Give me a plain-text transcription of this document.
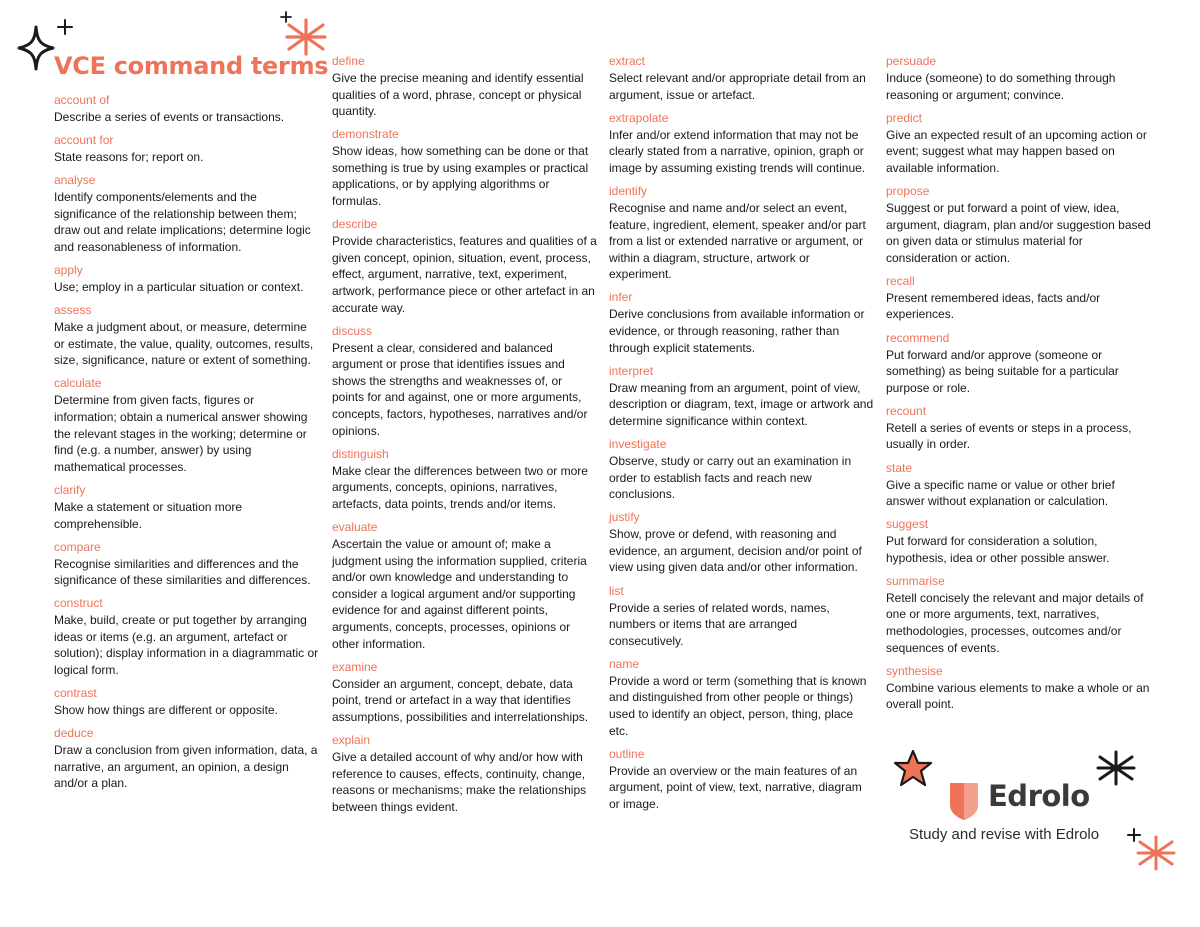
VCE command terms

account of

Describe a series of events or transactions.

account for

State reasons for; report on.

analyse

Identify components/elements and the significance of the relationship between them; draw out and relate implications; determine logic and reasonableness of information.

apply

Use; employ in a particular situation or context.

assess

Make a judgment about, or measure, determine or estimate, the value, quality, outcomes, results, size, significance, nature or extent of something.

calculate

Determine from given facts, figures or information; obtain a numerical answer showing the relevant stages in the working; determine or find (e.g. a number, answer) by using mathematical processes.

clarify

Make a statement or situation more comprehensible.

compare

Recognise similarities and differences and the significance of these similarities and differences.

construct

Make, build, create or put together by arranging ideas or items (e.g. an argument, artefact or solution); display information in a diagrammatic or logical form.

contrast

Show how things are different or opposite.

deduce

Draw a conclusion from given information, data, a narrative, an argument, an opinion, a design and/or a plan.

define

Give the precise meaning and identify essential qualities of a word, phrase, concept or physical quantity.

demonstrate

Show ideas, how something can be done or that something is true by using examples or practical applications, or by applying algorithms or formulas.

describe

Provide characteristics, features and qualities of a given concept, opinion, situation, event, process, effect, argument, narrative, text, experiment, artwork, performance piece or other artefact in an accurate way.

discuss

Present a clear, considered and balanced argument or prose that identifies issues and shows the strengths and weaknesses of, or points for and against, one or more arguments, concepts, factors, hypotheses, narratives and/or opinions.

distinguish

Make clear the differences between two or more arguments, concepts, opinions, narratives, artefacts, data points, trends and/or items.

evaluate

Ascertain the value or amount of; make a judgment using the information supplied, criteria and/or own knowledge and understanding to consider a logical argument and/or supporting evidence for and against different points, arguments, concepts, processes, opinions or other information.

examine

Consider an argument, concept, debate, data point, trend or artefact in a way that identifies assumptions, possibilities and interrelationships.

explain

Give a detailed account of why and/or how with reference to causes, effects, continuity, change, reasons or mechanisms; make the relationships between things evident.

extract

Select relevant and/or appropriate detail from an argument, issue or artefact.

extrapolate

Infer and/or extend information that may not be clearly stated from a narrative, opinion, graph or image by assuming existing trends will continue.

identify

Recognise and name and/or select an event, feature, ingredient, element, speaker and/or part from a list or extended narrative or argument, or within a diagram, structure, artwork or experiment.

infer

Derive conclusions from available information or evidence, or through reasoning, rather than through explicit statements.

interpret

Draw meaning from an argument, point of view, description or diagram, text, image or artwork and determine significance within context.

investigate

Observe, study or carry out an examination in order to establish facts and reach new conclusions.

justify

Show, prove or defend, with reasoning and evidence, an argument, decision and/or point of view using given data and/or other information.

list

Provide a series of related words, names, numbers or items that are arranged consecutively.

name

Provide a word or term (something that is known and distinguished from other people or things) used to identify an object, person, thing, place etc.

outline

Provide an overview or the main features of an argument, point of view, text, narrative, diagram or image.

persuade

Induce (someone) to do something through reasoning or argument; convince.

predict

Give an expected result of an upcoming action or event; suggest what may happen based on available information.

propose

Suggest or put forward a point of view, idea, argument, diagram, plan and/or suggestion based on given data or stimulus material for consideration or action.

recall

Present remembered ideas, facts and/or experiences.

recommend

Put forward and/or approve (someone or something) as being suitable for a particular purpose or role.

recount

Retell a series of events or steps in a process, usually in order.

state

Give a specific name or value or other brief answer without explanation or calculation.

suggest

Put forward for consideration a solution, hypothesis, idea or other possible answer.

summarise

Retell concisely the relevant and major details of one or more arguments, text, narratives, methodologies, processes, outcomes and/or sequences of events.

synthesise

Combine various elements to make a whole or an overall point.

Edrolo
Study and revise with Edrolo
